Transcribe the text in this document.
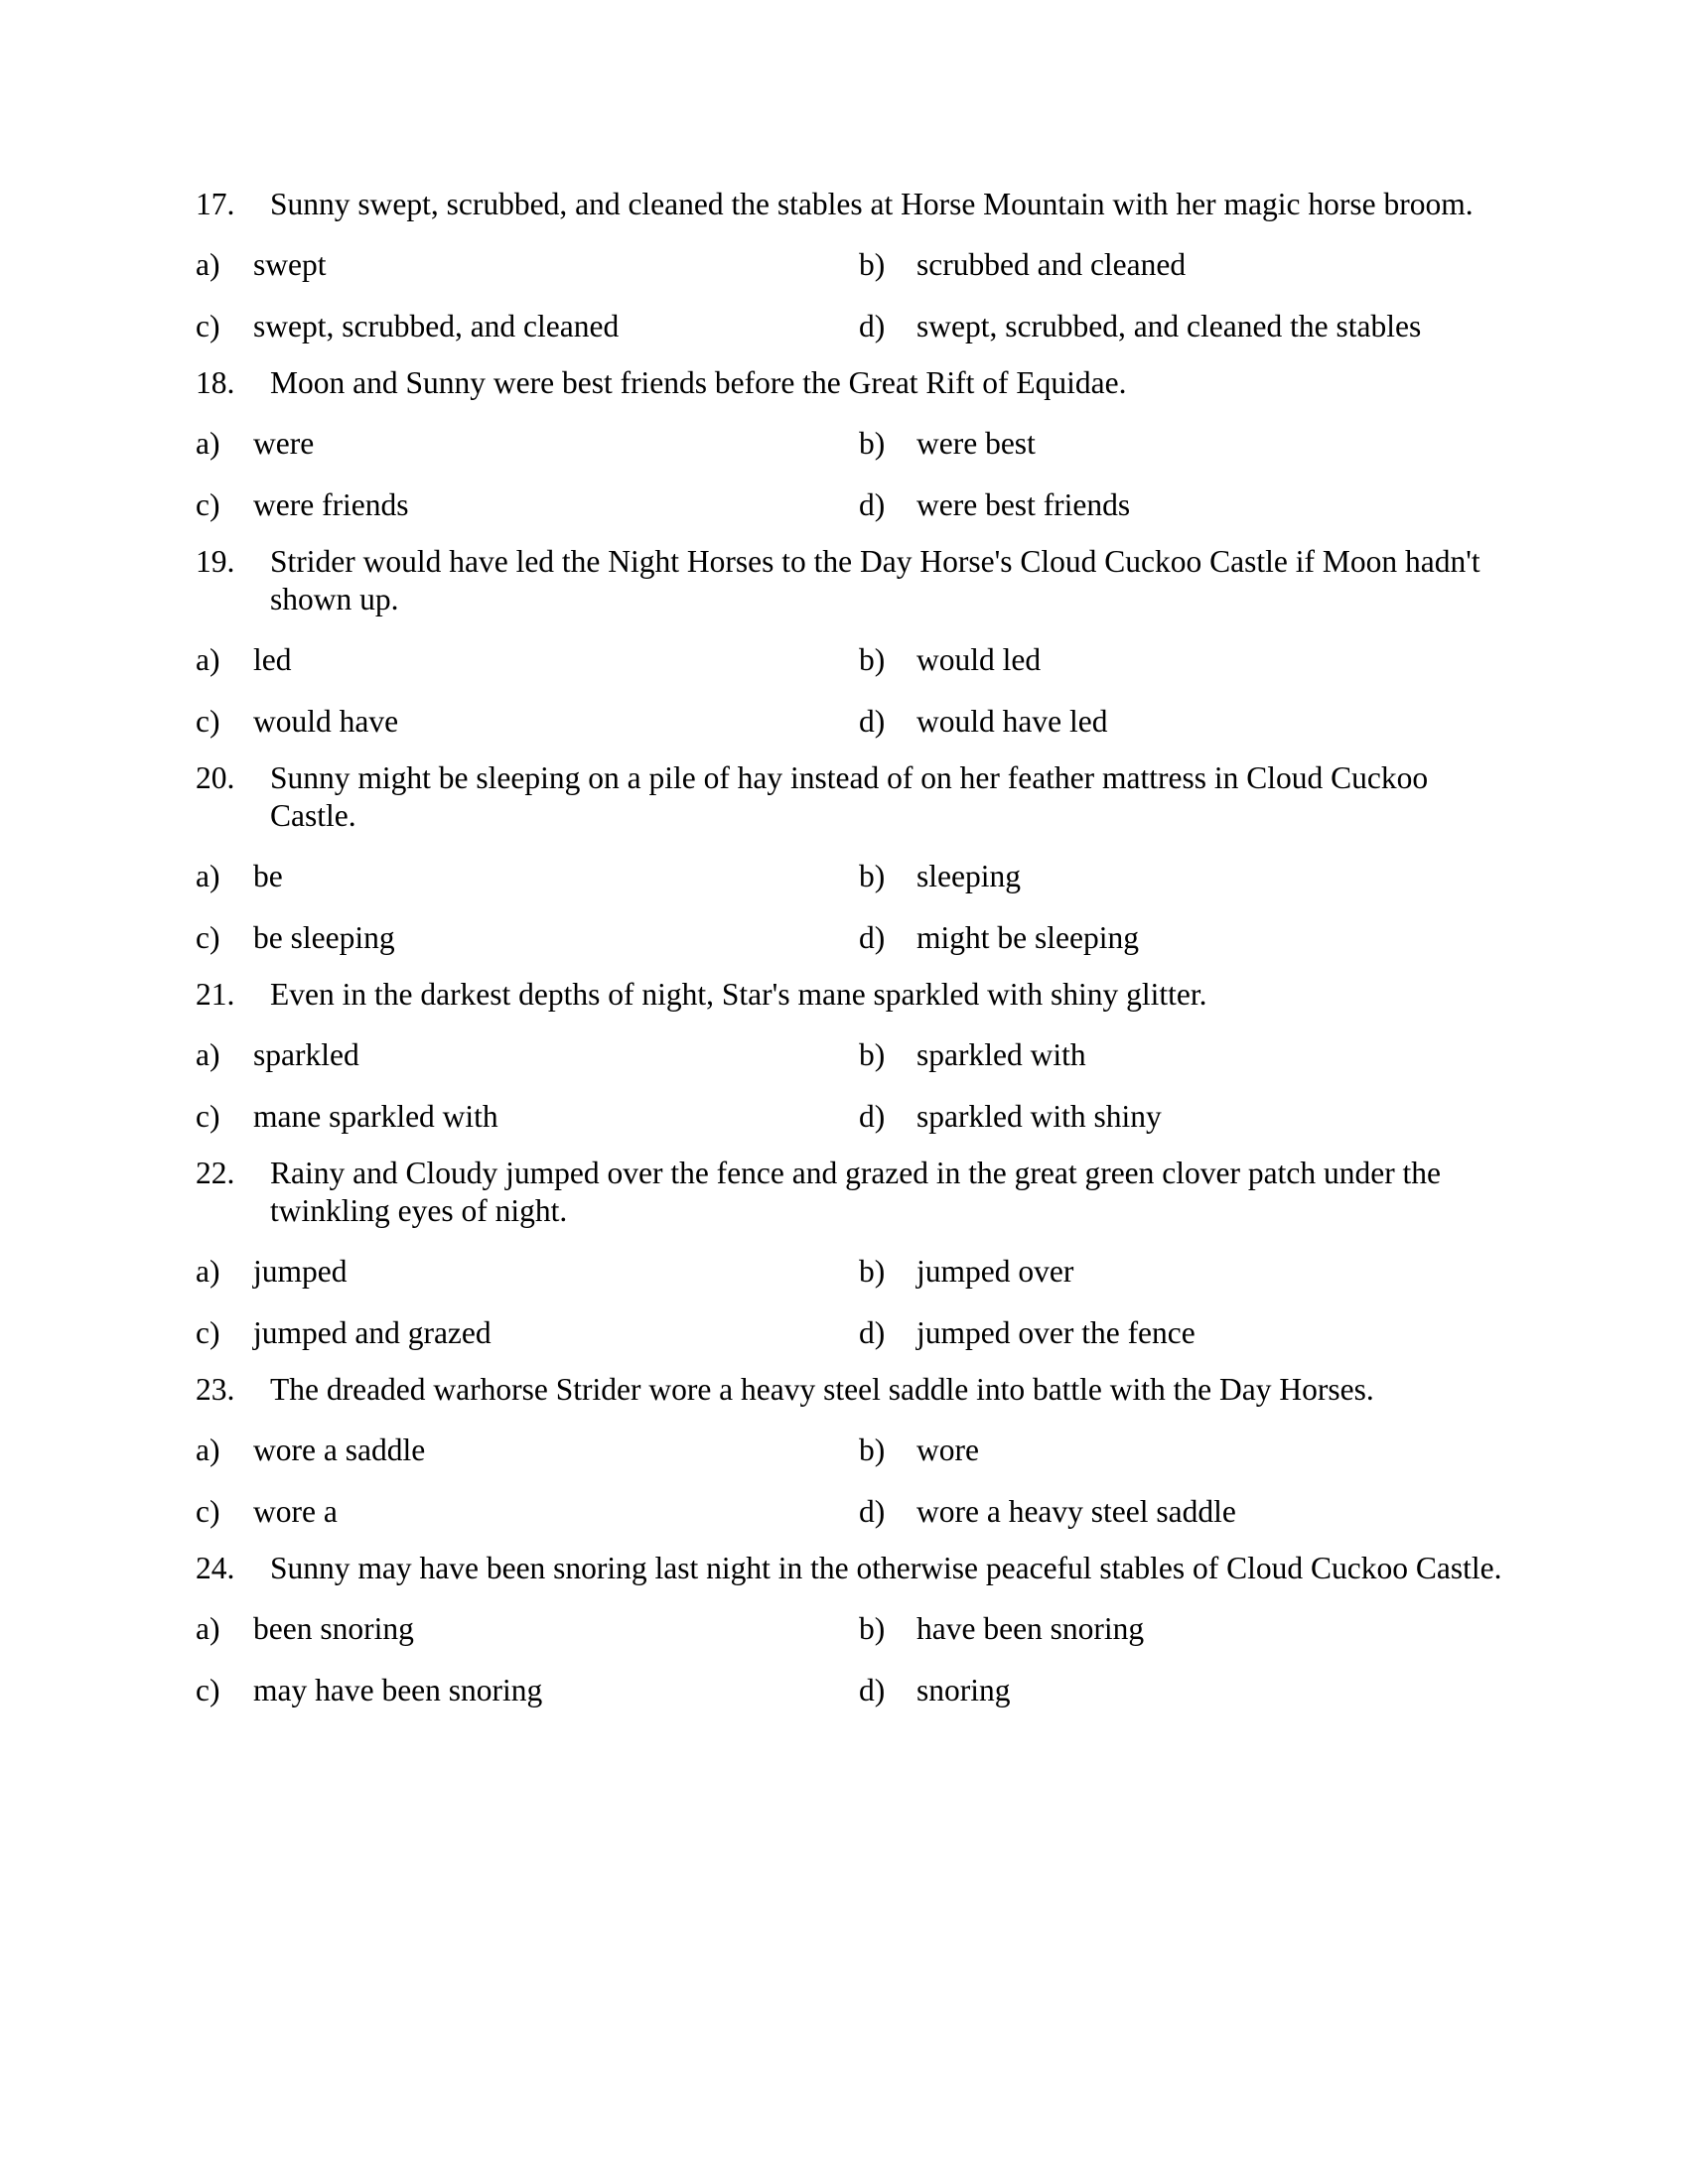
17.	Sunny swept, scrubbed, and cleaned the stables at Horse Mountain with her magic horse broom.
a)	swept	b)	scrubbed and cleaned
c)	swept, scrubbed, and cleaned	d)	swept, scrubbed, and cleaned the stables
18.	Moon and Sunny were best friends before the Great Rift of Equidae.
a)	were	b)	were best
c)	were friends	d)	were best friends
19.	Strider would have led the Night Horses to the Day Horse's Cloud Cuckoo Castle if Moon hadn't shown up.
a)	led	b)	would led
c)	would have	d)	would have led
20.	Sunny might be sleeping on a pile of hay instead of on her feather mattress in Cloud Cuckoo Castle.
a)	be	b)	sleeping
c)	be sleeping	d)	might be sleeping
21.	Even in the darkest depths of night, Star's mane sparkled with shiny glitter.
a)	sparkled	b)	sparkled with
c)	mane sparkled with	d)	sparkled with shiny
22.	Rainy and Cloudy jumped over the fence and grazed in the great green clover patch under the twinkling eyes of night.
a)	jumped	b)	jumped over
c)	jumped and grazed	d)	jumped over the fence
23.	The dreaded warhorse Strider wore a heavy steel saddle into battle with the Day Horses.
a)	wore a saddle	b)	wore
c)	wore a	d)	wore a heavy steel saddle
24.	Sunny may have been snoring last night in the otherwise peaceful stables of Cloud Cuckoo Castle.
a)	been snoring	b)	have been snoring
c)	may have been snoring	d)	snoring
